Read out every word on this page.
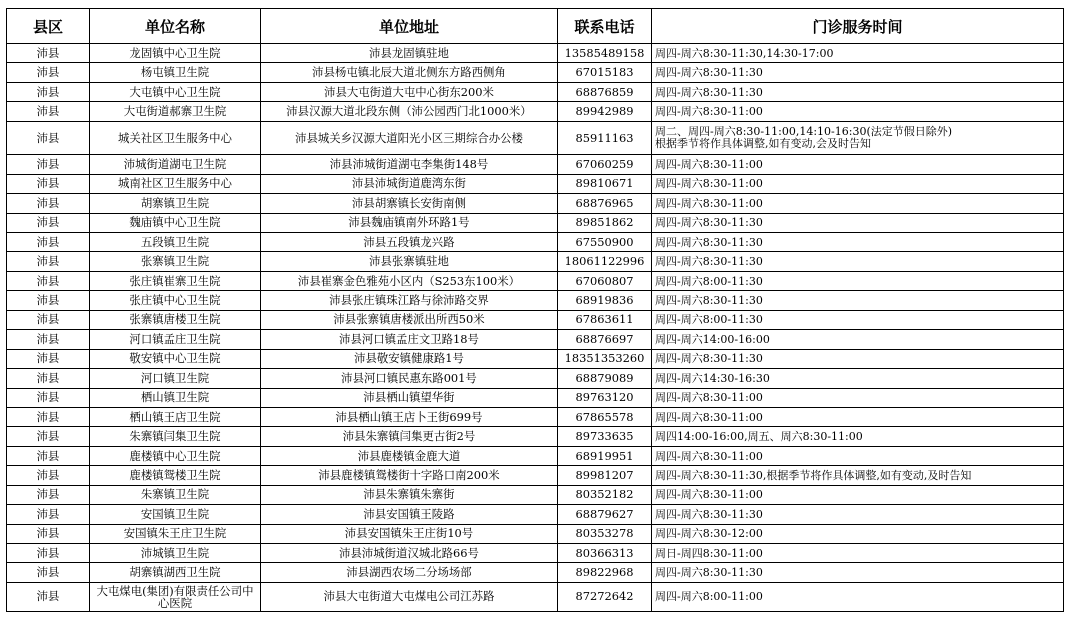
县区	单位名称	单位地址	联系电话	门诊服务时间
沛县	龙固镇中心卫生院	沛县龙固镇驻地	13585489158	周四-周六8:30-11:30,14:30-17:00
沛县	杨屯镇卫生院	沛县杨屯镇北辰大道北侧东方路西侧角	67015183	周四-周六8:30-11:30
沛县	大屯镇中心卫生院	沛县大屯街道大屯中心街东200米	68876859	周四-周六8:30-11:30
沛县	大屯街道郝寨卫生院	沛县汉源大道北段东侧（沛公园西门北1000米）	89942989	周四-周六8:30-11:00
沛县	城关社区卫生服务中心	沛县城关乡汉源大道阳光小区三期综合办公楼	85911163	周二、周四-周六8:30-11:00,14:10-16:30(法定节假日除外)
根据季节将作具体调整,如有变动,会及时告知
沛县	沛城街道湖屯卫生院	沛县沛城街道湖屯李集街148号	67060259	周四-周六8:30-11:00
沛县	城南社区卫生服务中心	沛县沛城街道鹿湾东街	89810671	周四-周六8:30-11:00
沛县	胡寨镇卫生院	沛县胡寨镇长安街南侧	68876965	周四-周六8:30-11:00
沛县	魏庙镇中心卫生院	沛县魏庙镇南外环路1号	89851862	周四-周六8:30-11:30
沛县	五段镇卫生院	沛县五段镇龙兴路	67550900	周四-周六8:30-11:30
沛县	张寨镇卫生院	沛县张寨镇驻地	18061122996	周四-周六8:30-11:30
沛县	张庄镇崔寨卫生院	沛县崔寨金色雅苑小区内（S253东100米）	67060807	周四-周六8:00-11:30
沛县	张庄镇中心卫生院	沛县张庄镇珠江路与徐沛路交界	68919836	周四-周六8:30-11:30
沛县	张寨镇唐楼卫生院	沛县张寨镇唐楼派出所西50米	67863611	周四-周六8:00-11:30
沛县	河口镇孟庄卫生院	沛县河口镇孟庄文卫路18号	68876697	周四-周六14:00-16:00
沛县	敬安镇中心卫生院	沛县敬安镇健康路1号	18351353260	周四-周六8:30-11:30
沛县	河口镇卫生院	沛县河口镇民惠东路001号	68879089	周四-周六14:30-16:30
沛县	栖山镇卫生院	沛县栖山镇望华街	89763120	周四-周六8:30-11:00
沛县	栖山镇王店卫生院	沛县栖山镇王店卜王街699号	67865578	周四-周六8:30-11:00
沛县	朱寨镇闫集卫生院	沛县朱寨镇闫集更古街2号	89733635	周四14:00-16:00,周五、周六8:30-11:00
沛县	鹿楼镇中心卫生院	沛县鹿楼镇金鹿大道	68919951	周四-周六8:30-11:00
沛县	鹿楼镇鸳楼卫生院	沛县鹿楼镇鸳楼街十字路口南200米	89981207	周四-周六8:30-11:30,根据季节将作具体调整,如有变动,及时告知
沛县	朱寨镇卫生院	沛县朱寨镇朱寨街	80352182	周四-周六8:30-11:00
沛县	安国镇卫生院	沛县安国镇王陵路	68879627	周四-周六8:30-11:30
沛县	安国镇朱王庄卫生院	沛县安国镇朱王庄街10号	80353278	周四-周六8:30-12:00
沛县	沛城镇卫生院	沛县沛城街道汉城北路66号	80366313	周日-周四8:30-11:00
沛县	胡寨镇湖西卫生院	沛县湖西农场二分场场部	89822968	周四-周六8:30-11:30
沛县	大屯煤电(集团)有限责任公司中心医院	沛县大屯街道大屯煤电公司江苏路	87272642	周四-周六8:00-11:00
